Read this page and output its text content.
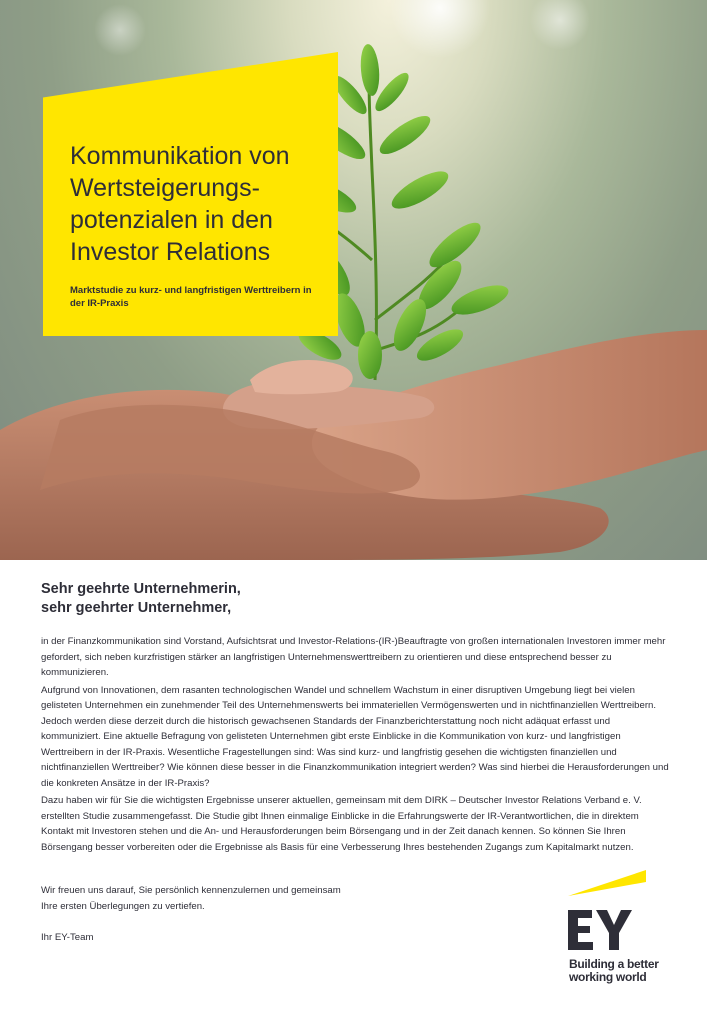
Kommunikation von Wertsteigerungs-potenzialen in den Investor Relations

Marktstudie zu kurz- und langfristigen Werttreibern in der IR-Praxis

Sehr geehrte Unternehmerin,
sehr geehrter Unternehmer,

in der Finanzkommunikation sind Vorstand, Aufsichtsrat und Investor-Relations-(IR-)Beauftragte von großen internationalen Investoren immer mehr gefordert, sich neben kurzfristigen stärker an langfristigen Unternehmenswerttreibern zu orientieren und diese entsprechend besser zu kommunizieren.

Aufgrund von Innovationen, dem rasanten technologischen Wandel und schnellem Wachstum in einer disruptiven Umgebung liegt bei vielen gelisteten Unternehmen ein zunehmender Teil des Unternehmenswerts bei immateriellen Vermögenswerten und in nichtfinanziellen Werttreibern. Jedoch werden diese derzeit durch die historisch gewachsenen Standards der Finanzberichterstattung noch nicht adäquat erfasst und kommuniziert. Eine aktuelle Befragung von gelisteten Unternehmen gibt erste Einblicke in die Kommunikation von kurz- und langfristigen Werttreibern in der IR-Praxis. Wesentliche Fragestellungen sind: Was sind kurz- und langfristig gesehen die wichtigsten finanziellen und nichtfinanziellen Werttreiber? Wie können diese besser in die Finanzkommunikation integriert werden? Was sind hierbei die Herausforderungen und die konkreten Ansätze in der IR-Praxis?

Dazu haben wir für Sie die wichtigsten Ergebnisse unserer aktuellen, gemeinsam mit dem DIRK – Deutscher Investor Relations Verband e. V. erstellten Studie zusammengefasst. Die Studie gibt Ihnen einmalige Einblicke in die Erfahrungswerte der IR-Verantwortlichen, die in direktem Kontakt mit Investoren stehen und die An- und Herausforderungen beim Börsengang und in der Zeit danach kennen. So können Sie Ihren Börsengang besser vorbereiten oder die Ergebnisse als Basis für eine Verbesserung Ihres bestehenden Zugangs zum Kapitalmarkt nutzen.

Wir freuen uns darauf, Sie persönlich kennenzulernen und gemeinsam

Ihre ersten Überlegungen zu vertiefen.

Ihr EY-Team

Building a better
working world
